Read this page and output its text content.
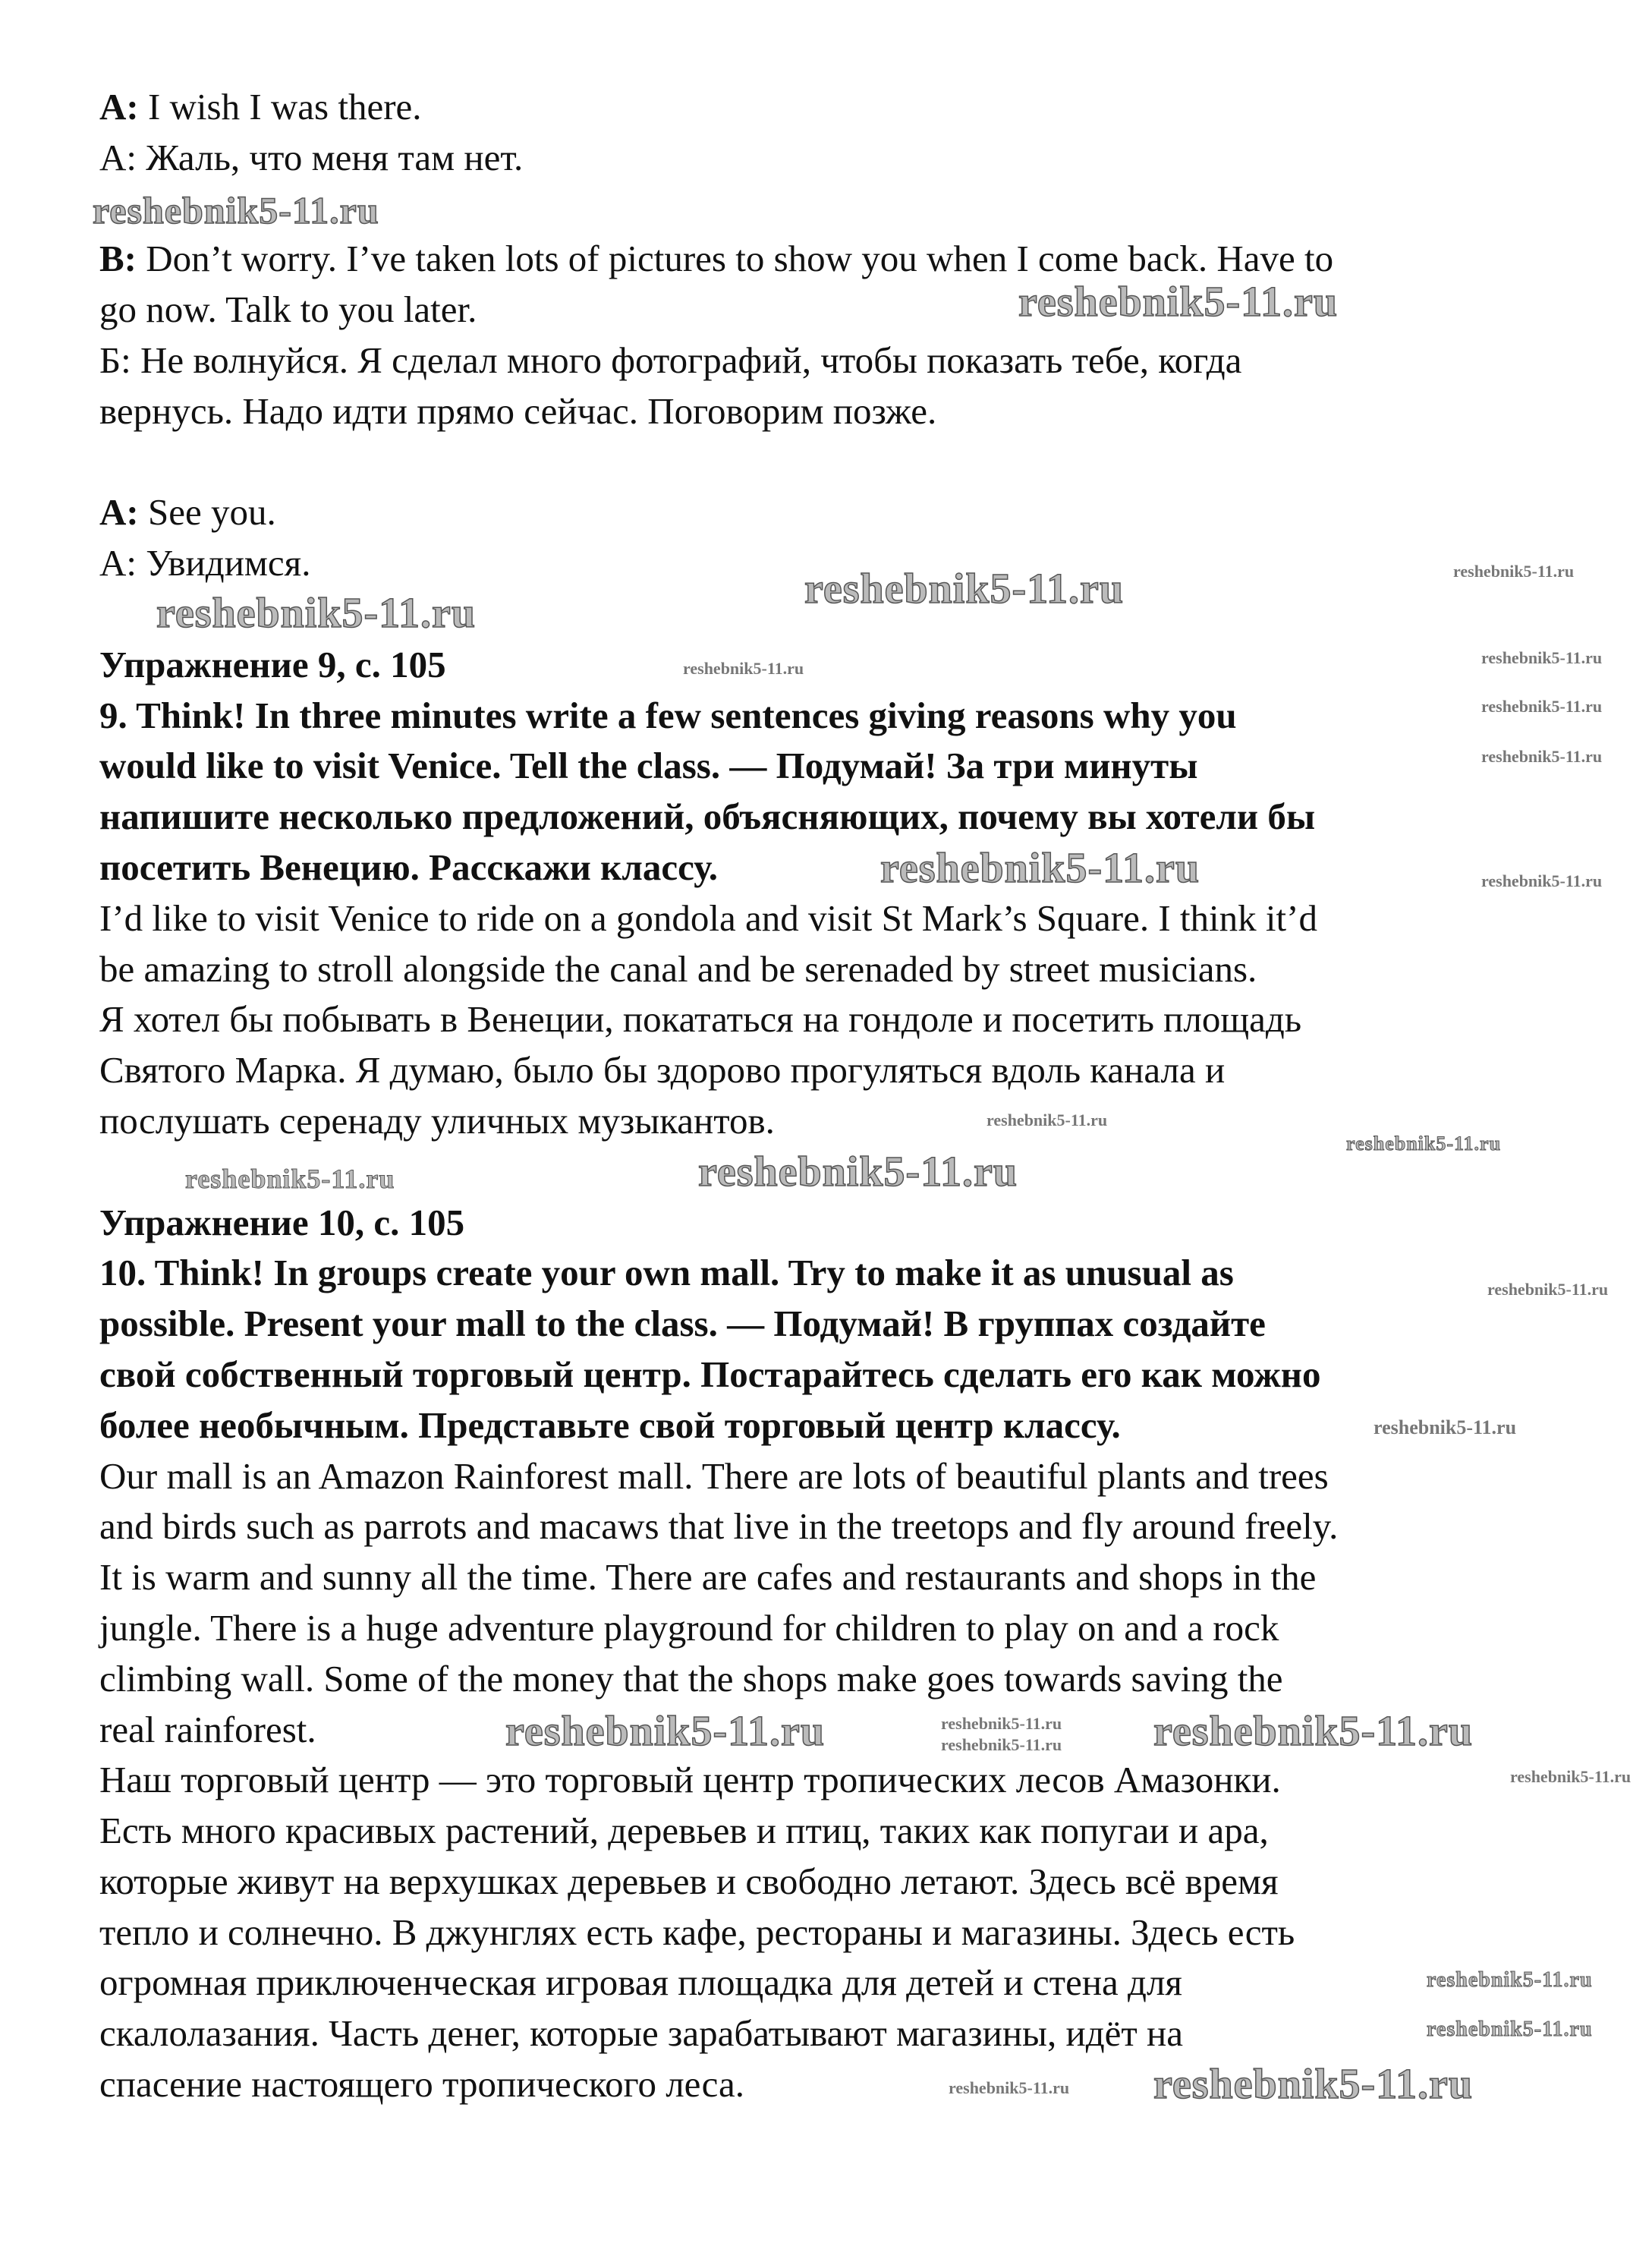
A: I wish I was there.
А: Жаль, что меня там нет.
B: Don’t worry. I’ve taken lots of pictures to show you when I come back. Have to
go now. Talk to you later.
Б: Не волнуйся. Я сделал много фотографий, чтобы показать тебе, когда
вернусь. Надо идти прямо сейчас. Поговорим позже.
A: See you.
А: Увидимся.
Упражнение 9, с. 105
9. Think! In three minutes write a few sentences giving reasons why you
would like to visit Venice. Tell the class. — Подумай! За три минуты
напишите несколько предложений, объясняющих, почему вы хотели бы
посетить Венецию. Расскажи классу.
I’d like to visit Venice to ride on a gondola and visit St Mark’s Square. I think it’d
be amazing to stroll alongside the canal and be serenaded by street musicians.
Я хотел бы побывать в Венеции, покататься на гондоле и посетить площадь
Святого Марка. Я думаю, было бы здорово прогуляться вдоль канала и
послушать серенаду уличных музыкантов.
Упражнение 10, с. 105
10. Think! In groups create your own mall. Try to make it as unusual as
possible. Present your mall to the class. — Подумай! В группах создайте
свой собственный торговый центр. Постарайтесь сделать его как можно
более необычным. Представьте свой торговый центр классу.
Our mall is an Amazon Rainforest mall. There are lots of beautiful plants and trees
and birds such as parrots and macaws that live in the treetops and fly around freely.
It is warm and sunny all the time. There are cafes and restaurants and shops in the
jungle. There is a huge adventure playground for children to play on and a rock
climbing wall. Some of the money that the shops make goes towards saving the
real rainforest.
Наш торговый центр — это торговый центр тропических лесов Амазонки.
Есть много красивых растений, деревьев и птиц, таких как попугаи и ара,
которые живут на верхушках деревьев и свободно летают. Здесь всё время
тепло и солнечно. В джунглях есть кафе, рестораны и магазины. Здесь есть
огромная приключенческая игровая площадка для детей и стена для
скалолазания. Часть денег, которые зарабатывают магазины, идёт на
спасение настоящего тропического леса.
reshebnik5-11.ru
reshebnik5-11.ru
reshebnik5-11.ru
reshebnik5-11.ru
reshebnik5-11.ru
reshebnik5-11.ru
reshebnik5-11.ru	reshebnik5-11.ru
reshebnik5-11.ru
reshebnik5-11.ru
reshebnik5-11.ru
reshebnik5-11.ru
reshebnik5-11.ru
reshebnik5-11.ru
reshebnik5-11.ru
reshebnik5-11.ru
reshebnik5-11.ru
reshebnik5-11.ru
reshebnik5-11.ru
reshebnik5-11.ru
reshebnik5-11.ru
reshebnik5-11.ru
reshebnik5-11.ru
reshebnik5-11.ru
reshebnik5-11.ru
reshebnik5-11.ru
